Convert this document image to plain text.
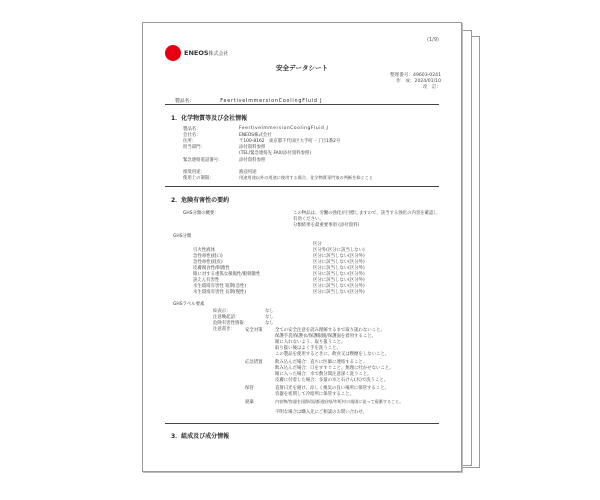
ENEOS株式会社
(1/9)
安全データシート
整理番号：49603-0241
作　成：2024/01/10
改　訂：
製品名：	FeertiveImmersionCoolingFluid J
1．化学物質等及び会社情報
製品名：	FeertiveImmersionCoolingFluid J
会社名：	ENEOS株式会社
住所：	〒100-8162　東京都千代田区大手町一丁目1番2号
担当部門：	添付資料参照
(TEL/緊急連絡先 FAX/添付資料参照)
緊急連絡電話番号：	添付資料参照
推奨用途：	液浸用途
使用上の制限：	用途用途以外の用途に使用する場合、化学物質専門家の判断を仰ぐこと
2．危険有害性の要約
GHS分類の概要：	この物品は、労働の強化が目標しますので、該当する強化の内容を確認し
有効ください。
分類結果を最重要事項 (添付資料)
GHS分類
区分
引火性液体	区分外(区分に該当しない)
急性毒性(経口)	区分に該当しない(区分外)
急性毒性(経皮)	区分に該当しない(区分外)
皮膚腐食性/刺激性	区分に該当しない(区分外)
眼に対する重篤な損傷性/眼刺激性	区分に該当しない(区分外)
誤えん有害性	区分に該当しない(区分外)
水生環境有害性 短期(急性)	区分に該当しない(区分外)
水生環境有害性 長期(慢性)	区分に該当しない(区分外)
GHSラベル要素
絵表示：	なし
注意喚起語：	なし
危険有害性情報：	なし
注意書き： 安全対策	全ての安全注意を読み理解するまで取り扱わないこと。
保護手袋/保護衣/保護眼鏡/保護面を着用すること。
眼に入れないよう、取り扱うこと。
取り扱い後はよく手を洗うこと。
この製品を使用するときに、飲食又は喫煙をしないこと。
応急措置	飲み込んだ場合：直ちに医師に連絡すること。
飲み込んだ場合：口をすすぐこと。無理に吐かせないこと。
眼に入った場合：水で数分間注意深く洗うこと。
皮膚に付着した場合：多量の水と石けん(水)で洗うこと。
保管	直射日光を避け、涼しく換気の良い場所に保管すること。
容器を密閉して冷暗所に保管すること。
廃棄	内容物/容器を国際/国/都道府県/市町村の規則に従って廃棄すること。
不明な場合は購入先にご相談のお問い合わせ。
3．組成及び成分情報
